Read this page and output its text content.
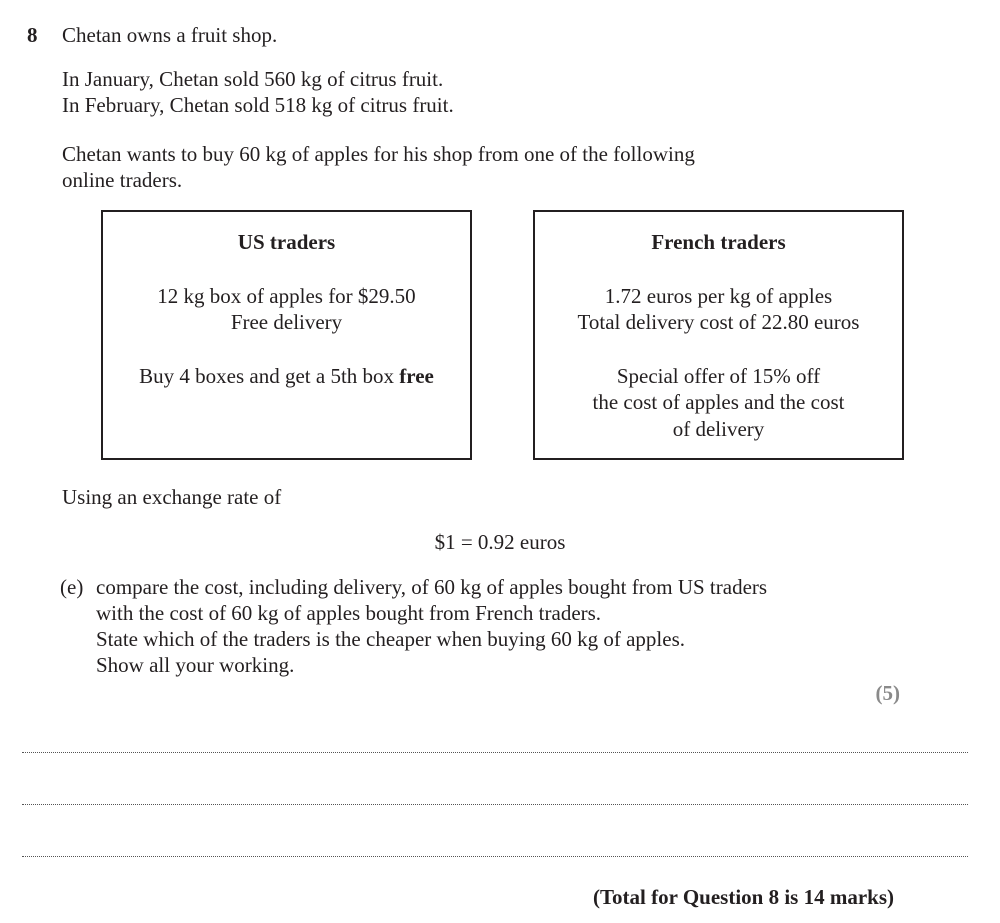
8 Chetan owns a fruit shop.
In January, Chetan sold 560 kg of citrus fruit.
In February, Chetan sold 518 kg of citrus fruit.
Chetan wants to buy 60 kg of apples for his shop from one of the following
online traders.
US traders
12 kg box of apples for $29.50
Free delivery
Buy 4 boxes and get a 5th box free
French traders
1.72 euros per kg of apples
Total delivery cost of 22.80 euros
Special offer of 15% off
the cost of apples and the cost
of delivery
Using an exchange rate of
$1 = 0.92 euros
(e) compare the cost, including delivery, of 60 kg of apples bought from US traders
with the cost of 60 kg of apples bought from French traders.
State which of the traders is the cheaper when buying 60 kg of apples.
Show all your working.
(5)
(Total for Question 8 is 14 marks)
